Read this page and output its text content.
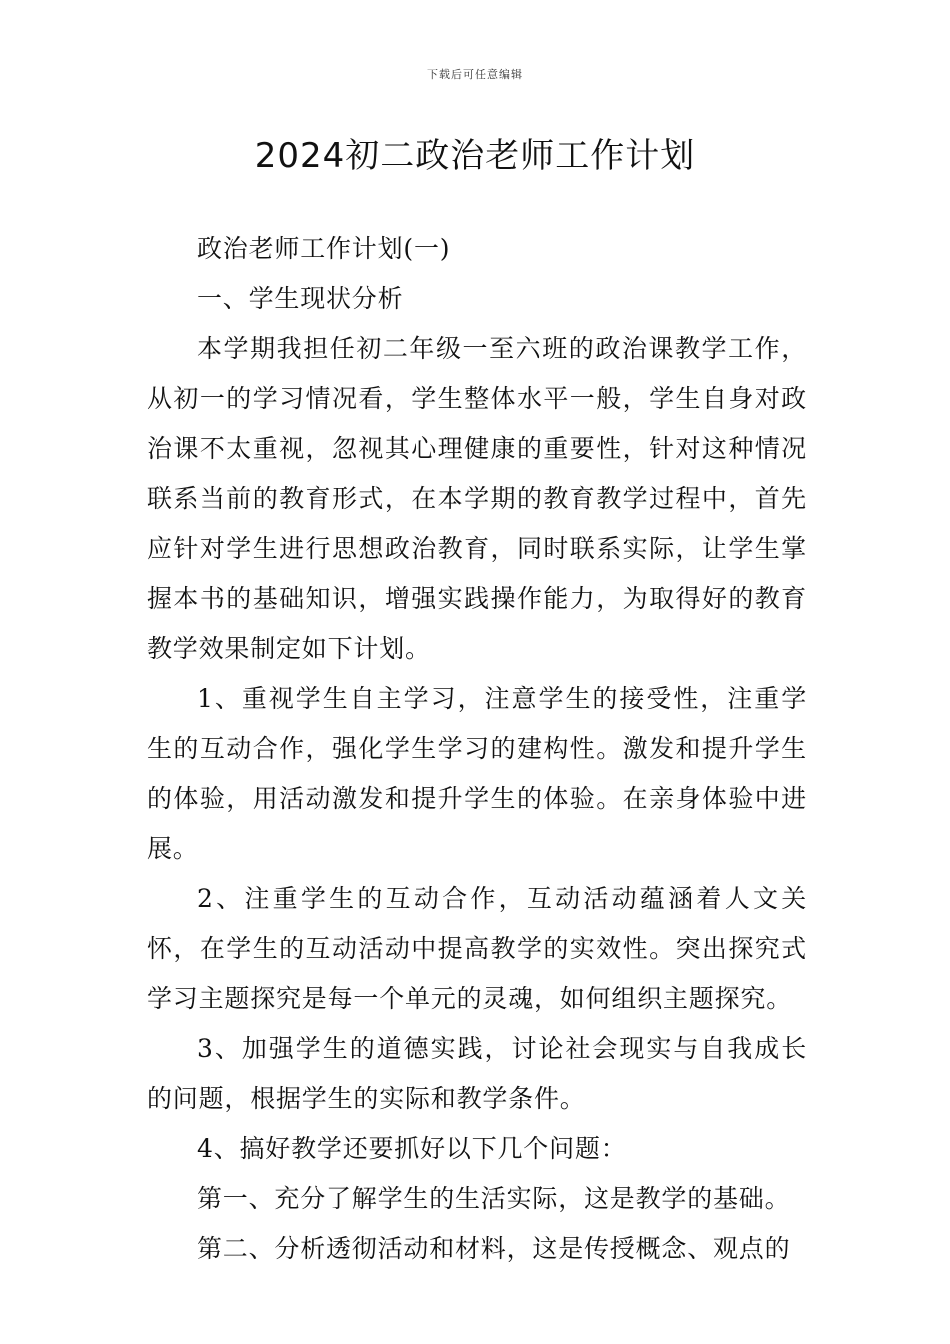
下载后可任意编辑
2024初二政治老师工作计划

政治老师工作计划(一)

一、学生现状分析

本学期我担任初二年级一至六班的政治课教学工作，从初一的学习情况看，学生整体水平一般，学生自身对政治课不太重视，忽视其心理健康的重要性，针对这种情况联系当前的教育形式，在本学期的教育教学过程中，首先应针对学生进行思想政治教育，同时联系实际，让学生掌握本书的基础知识，增强实践操作能力，为取得好的教育教学效果制定如下计划。

1、重视学生自主学习，注意学生的接受性，注重学生的互动合作，强化学生学习的建构性。激发和提升学生的体验，用活动激发和提升学生的体验。在亲身体验中进展。

2、注重学生的互动合作，互动活动蕴涵着人文关怀，在学生的互动活动中提高教学的实效性。突出探究式学习主题探究是每一个单元的灵魂，如何组织主题探究。

3、加强学生的道德实践，讨论社会现实与自我成长的问题，根据学生的实际和教学条件。

4、搞好教学还要抓好以下几个问题：

第一、充分了解学生的生活实际，这是教学的基础。

第二、分析透彻活动和材料，这是传授概念、观点的
